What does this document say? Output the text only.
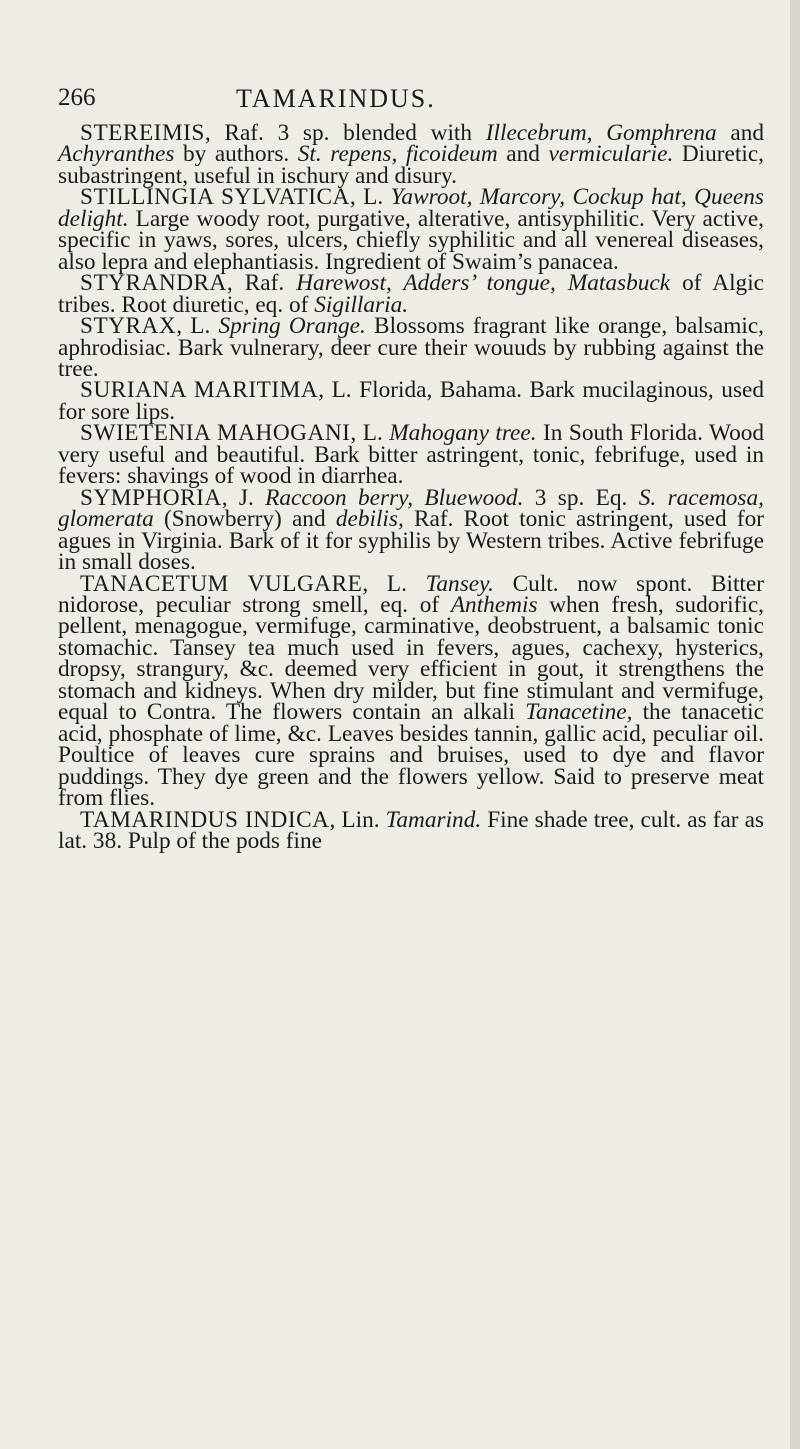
266	TAMARINDUS.

STEREIMIS, Raf. 3 sp. blended with Illecebrum, Gomphrena and Achyranthes by authors. St. repens, ficoideum and vermicularie. Diuretic, subastringent, useful in ischury and disury.

STILLINGIA SYLVATICA, L. Yawroot, Marcory, Cockup hat, Queens delight. Large woody root, purgative, alterative, antisyphilitic. Very active, specific in yaws, sores, ulcers, chiefly syphilitic and all venereal diseases, also lepra and elephantiasis. Ingredient of Swaim’s panacea.

STYRANDRA, Raf. Harewost, Adders’ tongue, Matasbuck of Algic tribes. Root diuretic, eq. of Sigillaria.

STYRAX, L. Spring Orange. Blossoms fragrant like orange, balsamic, aphrodisiac. Bark vulnerary, deer cure their wouuds by rubbing against the tree.

SURIANA MARITIMA, L. Florida, Bahama. Bark mucilaginous, used for sore lips.

SWIETENIA MAHOGANI, L. Mahogany tree. In South Florida. Wood very useful and beautiful. Bark bitter astringent, tonic, febrifuge, used in fevers: shavings of wood in diarrhea.

SYMPHORIA, J. Raccoon berry, Bluewood. 3 sp. Eq. S. racemosa, glomerata (Snowberry) and debilis, Raf. Root tonic astringent, used for agues in Virginia. Bark of it for syphilis by Western tribes. Active febrifuge in small doses.

TANACETUM VULGARE, L. Tansey. Cult. now spont. Bitter nidorose, peculiar strong smell, eq. of Anthemis when fresh, sudorific, pellent, menagogue, vermifuge, carminative, deobstruent, a balsamic tonic stomachic. Tansey tea much used in fevers, agues, cachexy, hysterics, dropsy, strangury, &c. deemed very efficient in gout, it strengthens the stomach and kidneys. When dry milder, but fine stimulant and vermifuge, equal to Contra. The flowers contain an alkali Tanacetine, the tanacetic acid, phosphate of lime, &c. Leaves besides tannin, gallic acid, peculiar oil. Poultice of leaves cure sprains and bruises, used to dye and flavor puddings. They dye green and the flowers yellow. Said to preserve meat from flies.

TAMARINDUS INDICA, Lin. Tamarind. Fine shade tree, cult. as far as lat. 38. Pulp of the pods fine
